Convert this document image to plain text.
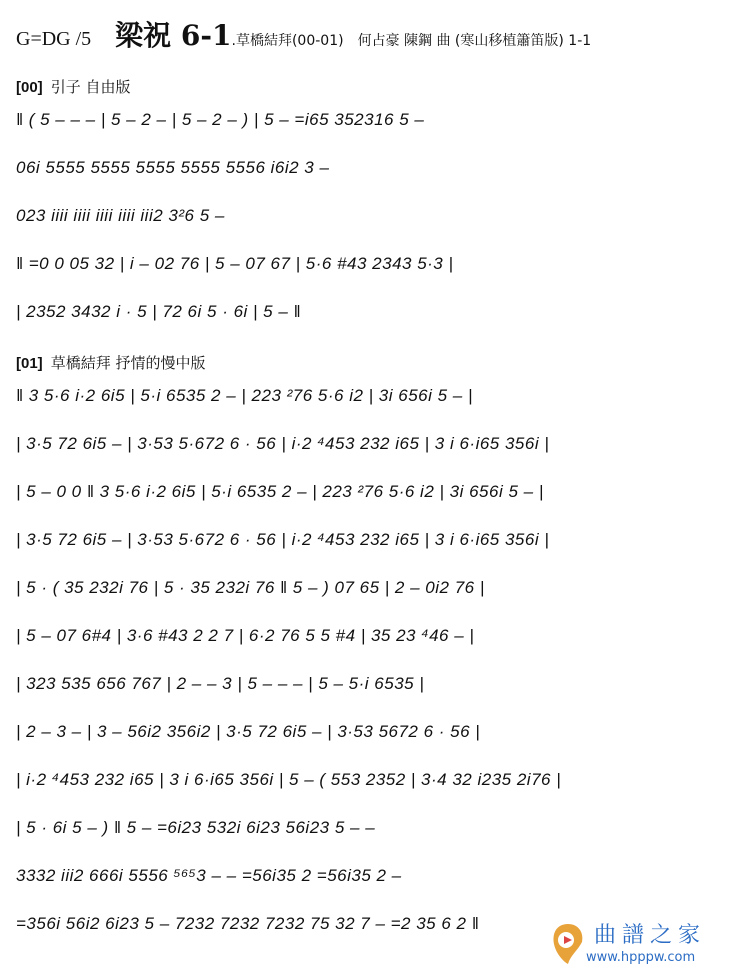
G=DG /5 梁祝 6-1.草橋結拜(00-01) 何占豪 陳鋼 曲 (寒山移植簫笛版) 1-1
[00] 引子 自由版
‖ ( 5 – – – | 5 – 2 – | 5 – 2 – ) | 5 – =i65 352316 5 –
06i 5555 5555 5555 5555 5556 i6i2 3 –
023 iiii iiii iiii iiii iii2 3²6 5 –
‖ =0 0 05 32 | i – 02 76 | 5 – 07 67 | 5·6 #43 2343 5·3 |
| 2352 3432 i · 5 | 72 6i 5 · 6i | 5 – ‖
[01] 草橋結拜 抒情的慢中版
‖ 3 5·6 i·2 6i5 | 5·i 6535 2 – | 223 ²76 5·6 i2 | 3i 656i 5 – |
| 3·5 72 6i5 – | 3·53 5·672 6 · 56 | i·2 ⁴453 232 i65 | 3 i 6·i65 356i |
| 5 – 0 0 ‖ 3 5·6 i·2 6i5 | 5·i 6535 2 – | 223 ²76 5·6 i2 | 3i 656i 5 – |
| 3·5 72 6i5 – | 3·53 5·672 6 · 56 | i·2 ⁴453 232 i65 | 3 i 6·i65 356i |
| 5 · ( 35 232i 76 | 5 · 35 232i 76 ‖ 5 – ) 07 65 | 2 – 0i2 76 |
| 5 – 07 6#4 | 3·6 #43 2 2 7 | 6·2 76 5 5 #4 | 35 23 ⁴46 – |
| 323 535 656 767 | 2 – – 3 | 5 – – – | 5 – 5·i 6535 |
| 2 – 3 – | 3 – 56i2 356i2 | 3·5 72 6i5 – | 3·53 5672 6 · 56 |
| i·2 ⁴453 232 i65 | 3 i 6·i65 356i | 5 – ( 553 2352 | 3·4 32 i235 2i76 |
| 5 · 6i 5 – ) ‖ 5 – =6i23 532i 6i23 56i23 5 – –
3332 iii2 666i 5556 ⁵⁶⁵3 – – =56i35 2 =56i35 2 –
=356i 56i2 6i23 5 – 7232 7232 7232 75 32 7 – =2 35 6 2 ‖	曲譜之家
www.hpppw.com
